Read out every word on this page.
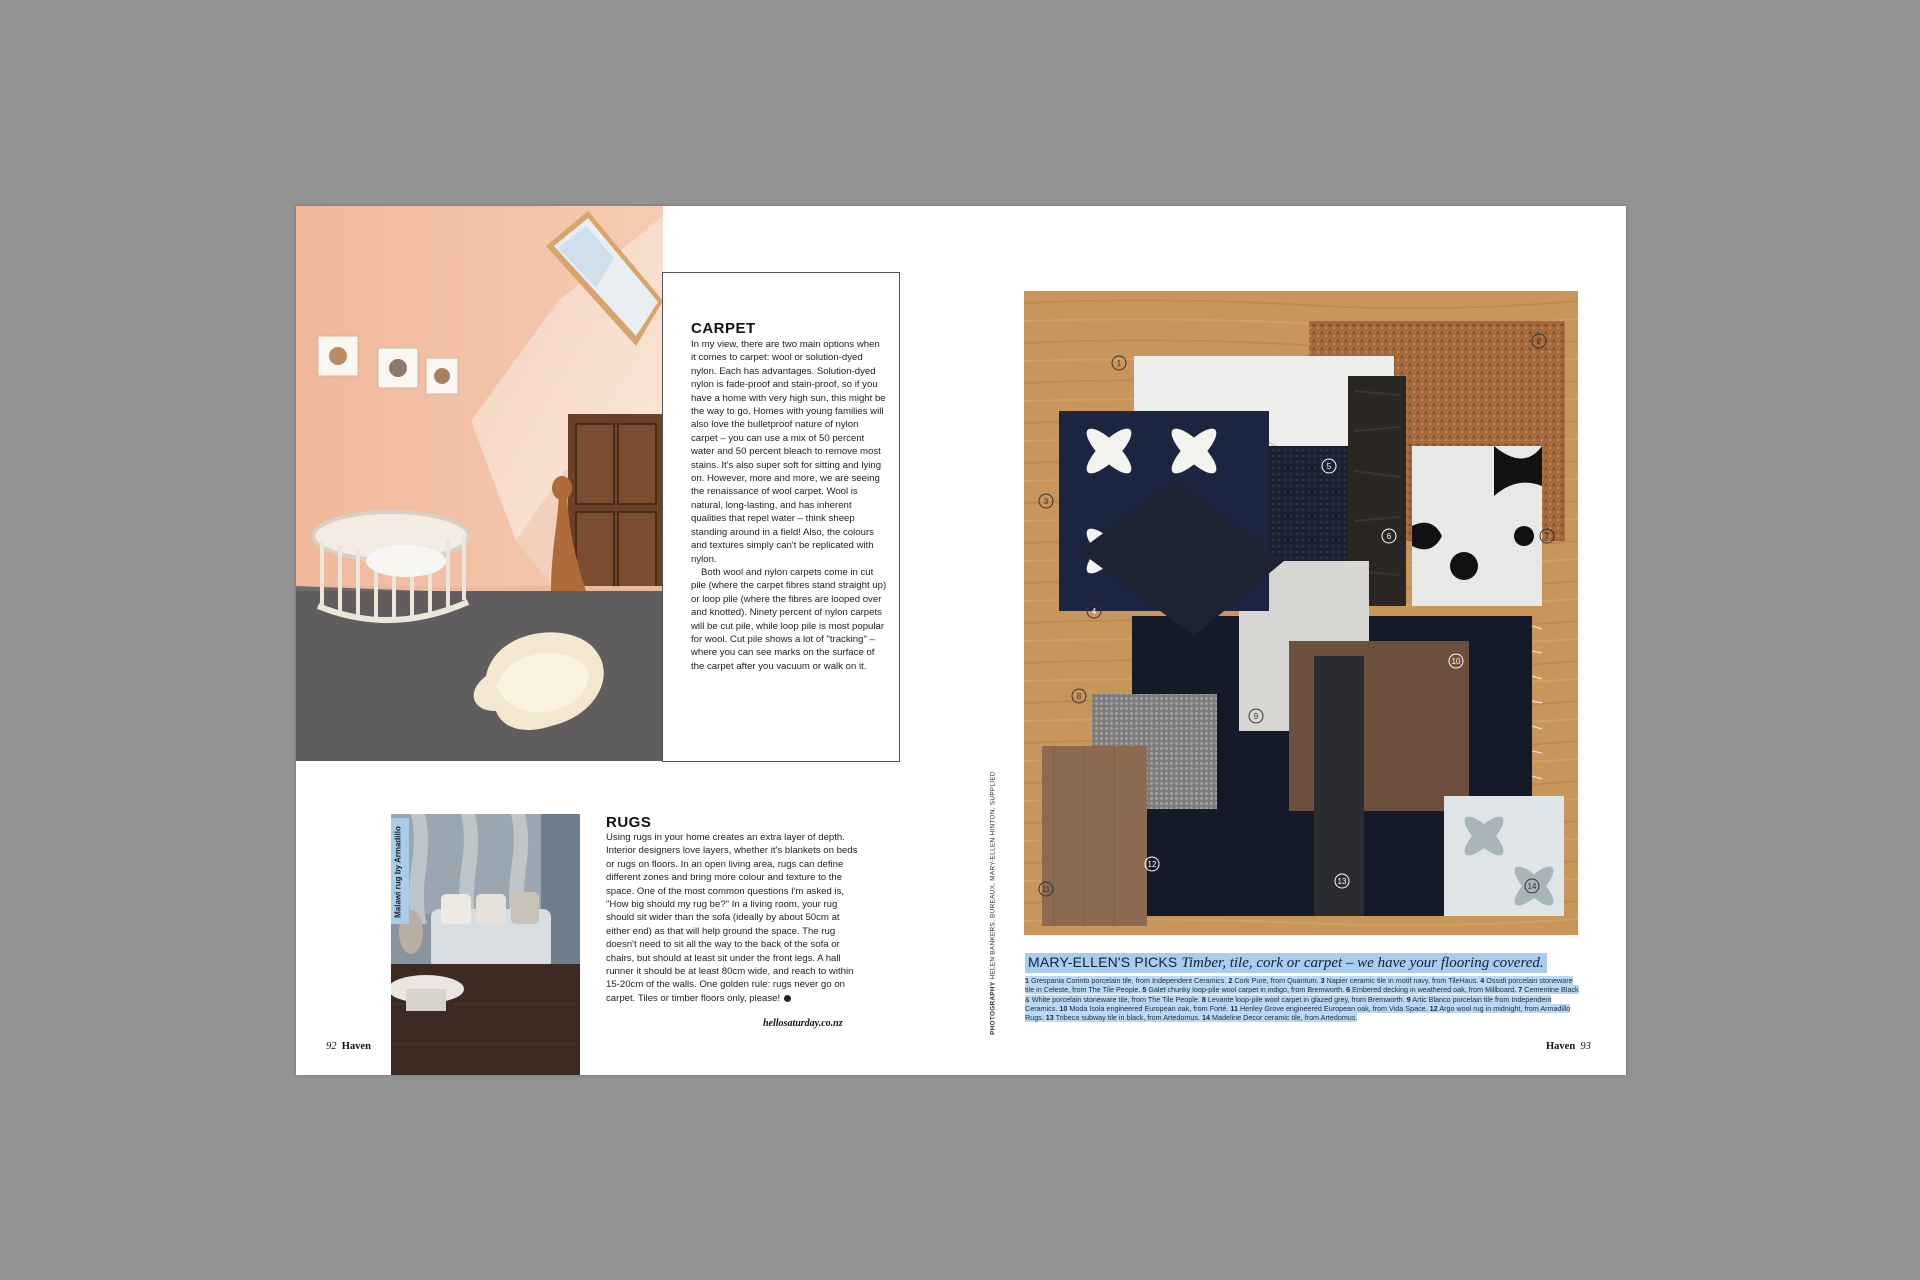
CARPET

In my view, there are two main options when it comes to carpet: wool or solution-dyed nylon. Each has advantages. Solution-dyed nylon is fade-proof and stain-proof, so if you have a home with very high sun, this might be the way to go. Homes with young families will also love the bulletproof nature of nylon carpet – you can use a mix of 50 percent water and 50 percent bleach to remove most stains. It's also super soft for sitting and lying on. However, more and more, we are seeing the renaissance of wool carpet. Wool is natural, long-lasting, and has inherent qualities that repel water – think sheep standing around in a field! Also, the colours and textures simply can't be replicated with nylon.

Both wool and nylon carpets come in cut pile (where the carpet fibres stand straight up) or loop pile (where the fibres are looped over and knotted). Ninety percent of nylon carpets will be cut pile, while loop pile is most popular for wool. Cut pile shows a lot of "tracking" – where you can see marks on the surface of the carpet after you vacuum or walk on it.

Malawi rug by Armadillo
RUGS
Using rugs in your home creates an extra layer of depth. Interior designers love layers, whether it's blankets on beds or rugs on floors. In an open living area, rugs can define different zones and bring more colour and texture to the space. One of the most common questions I'm asked is, "How big should my rug be?" In a living room, your rug should sit wider than the sofa (ideally by about 50cm at either end) as that will help ground the space. The rug doesn't need to sit all the way to the back of the sofa or chairs, but should at least sit under the front legs. A hall runner it should be at least 80cm wide, and reach to within 15-20cm of the walls. One golden rule: rugs never go on carpet. Tiles or timber floors only, please!
hellosaturday.co.nz
92 Haven
PHOTOGRAPHY HELEN BANKERS, BUREAUX, MARY-ELLEN HINTON, SUPPLIED
1
2
3
4
5
6	7
8
9
10
11
12
13
14
MARY-ELLEN'S PICKS Timber, tile, cork or carpet – we have your flooring covered.
1 Grespania Corinto porcelain tile, from Independent Ceramics. 2 Cork Pure, from Quantum. 3 Napier ceramic tile in motif navy, from TileHaus. 4 Ossidi porcelain stoneware tile in Celeste, from The Tile People. 5 Galet chunky loop-pile wool carpet in indigo, from Bremworth. 6 Embered decking in weathered oak, from Millboard. 7 Cementine Black & White porcelain stoneware tile, from The Tile People. 8 Levante loop-pile wool carpet in glazed grey, from Bremworth. 9 Artic Blanco porcelain tile from Independent Ceramics. 10 Moda Isola engineered European oak, from Forté. 11 Henley Grove engineered European oak, from Vida Space. 12 Argo wool rug in midnight, from Armadillo Rugs. 13 Tribeca subway tile in black, from Artedomus. 14 Madeline Decor ceramic tile, from Artedomus.
Haven 93
